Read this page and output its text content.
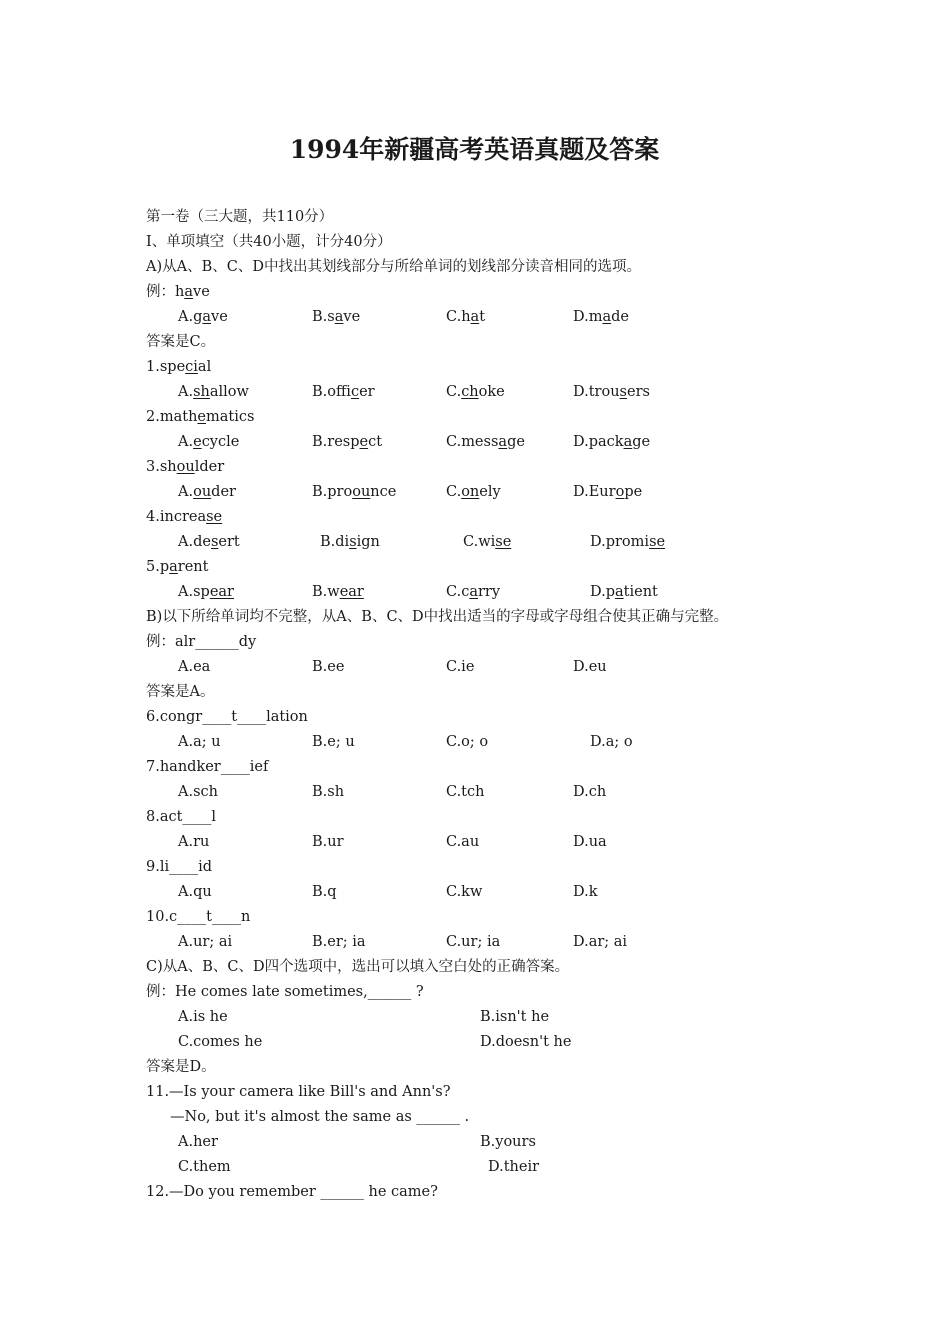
1994年新疆高考英语真题及答案
第一卷（三大题，共110分）
I、单项填空（共40小题，计分40分）
A)从A、B、C、D中找出其划线部分与所给单词的划线部分读音相同的选项。
例：have
A.gave	B.save	C.hat	D.made
答案是C。
1.special
A.shallow	B.officer	C.choke	D.trousers
2.mathematics
A.ecycle	B.respect	C.message	D.package
3.shoulder
A.ouder	B.proounce	C.onely	D.Europe
4.increase
A.desert	B.disign	C.wise	D.promise
5.parent
A.spear	B.wear	C.carry	D.patient
B)以下所给单词均不完整，从A、B、C、D中找出适当的字母或字母组合使其正确与完整。
例：alr______dy
A.ea	B.ee	C.ie	D.eu
答案是A。
6.congr____t____lation
A.a; u	B.e; u	C.o; o	D.a; o
7.handker____ief
A.sch	B.sh	C.tch	D.ch
8.act____l
A.ru	B.ur	C.au	D.ua
9.li____id
A.qu	B.q	C.kw	D.k
10.c____t____n
A.ur; ai	B.er; ia	C.ur; ia	D.ar; ai
C)从A、B、C、D四个选项中，选出可以填入空白处的正确答案。
例：He comes late sometimes,______ ?
A.is he	B.isn't he
C.comes he	D.doesn't he
答案是D。
11.—Is your camera like Bill's and Ann's?
—No, but it's almost the same as ______ .
A.her	B.yours
C.them	D.their
12.—Do you remember ______ he came?
